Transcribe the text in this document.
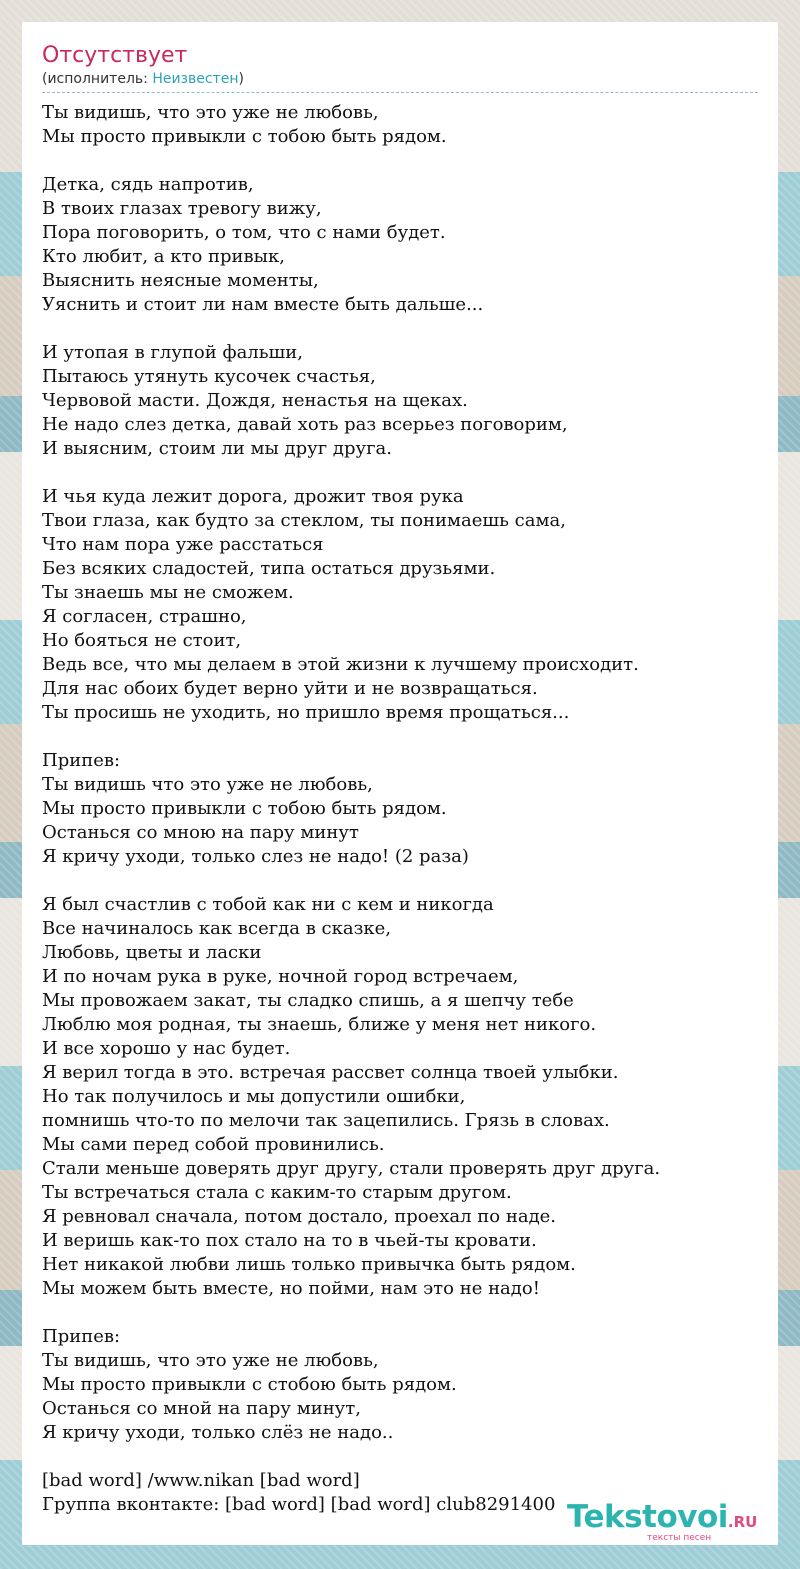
Отсутствует
(исполнитель: Неизвестен)
Ты видишь, что это уже не любовь,
Мы просто привыкли с тобою быть рядом.

Детка, сядь напротив,
В твоих глазах тревогу вижу,
Пора поговорить, о том, что с нами будет.
Кто любит, а кто привык,
Выяснить неясные моменты,
Уяснить и стоит ли нам вместе быть дальше...

И утопая в глупой фальши,
Пытаюсь утянуть кусочек счастья,
Червовой масти. Дождя, ненастья на щеках.
Не надо слез детка, давай хоть раз всерьез поговорим,
И выясним, стоим ли мы друг друга.

И чья куда лежит дорога, дрожит твоя рука
Твои глаза, как будто за стеклом, ты понимаешь сама,
Что нам пора уже расстаться
Без всяких сладостей, типа остаться друзьями.
Ты знаешь мы не сможем.
Я согласен, страшно,
Но бояться не стоит,
Ведь все, что мы делаем в этой жизни к лучшему происходит.
Для нас обоих будет верно уйти и не возвращаться.
Ты просишь не уходить, но пришло время прощаться...

Припев:
Ты видишь что это уже не любовь,
Мы просто привыкли с тобою быть рядом.
Останься со мною на пару минут
Я кричу уходи, только слез не надо! (2 раза)

Я был счастлив с тобой как ни с кем и никогда
Все начиналось как всегда в сказке,
Любовь, цветы и ласки
И по ночам рука в руке, ночной город встречаем,
Мы провожаем закат, ты сладко спишь, а я шепчу тебе
Люблю моя родная, ты знаешь, ближе у меня нет никого.
И все хорошо у нас будет.
Я верил тогда в это. встречая рассвет солнца твоей улыбки.
Но так получилось и мы допустили ошибки,
помнишь что-то по мелочи так зацепились. Грязь в словах.
Мы сами перед собой провинились.
Стали меньше доверять друг другу, стали проверять друг друга.
Ты встречаться стала с каким-то старым другом.
Я ревновал сначала, потом достало, проехал по наде.
И веришь как-то пох стало на то в чьей-ты кровати.
Нет никакой любви лишь только привычка быть рядом.
Мы можем быть вместе, но пойми, нам это не надо!

Припев:
Ты видишь, что это уже не любовь,
Мы просто привыкли с стобою быть рядом.
Останься со мной на пару минут,
Я кричу уходи, только слёз не надо..

[bad word] /www.nikan [bad word]
Группа вконтакте: [bad word] [bad word] club8291400 Tekstovoi.RU
тексты песен
